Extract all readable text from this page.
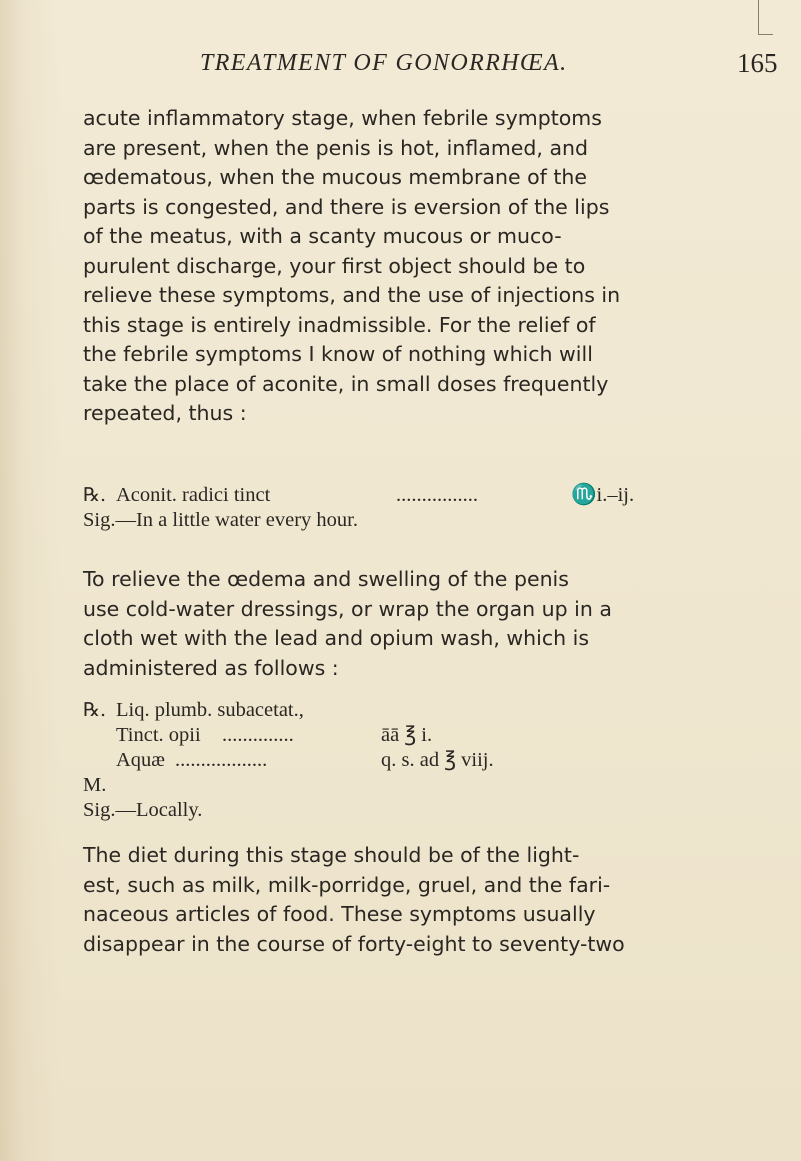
TREATMENT OF GONORRHŒA.	165
acute inflammatory stage, when febrile symptoms
are present, when the penis is hot, inflamed, and
œdematous, when the mucous membrane of the
parts is congested, and there is eversion of the lips
of the meatus, with a scanty mucous or muco-
purulent discharge, your first object should be to
relieve these symptoms, and the use of injections in
this stage is entirely inadmissible. For the relief of
the febrile symptoms I know of nothing which will
take the place of aconite, in small doses frequently
repeated, thus :
℞. Aconit. radici tinct	................	♏i.–ij.
Sig.—In a little water every hour.
To relieve the œdema and swelling of the penis
use cold-water dressings, or wrap the organ up in a
cloth wet with the lead and opium wash, which is
administered as follows :
℞. Liq. plumb. subacetat.,
Tinct. opii ..............	āā ℥ i.
Aquæ ..................	q. s. ad ℥ viij.
M.
Sig.—Locally.
The diet during this stage should be of the light-
est, such as milk, milk-porridge, gruel, and the fari-
naceous articles of food. These symptoms usually
disappear in the course of forty-eight to seventy-two
